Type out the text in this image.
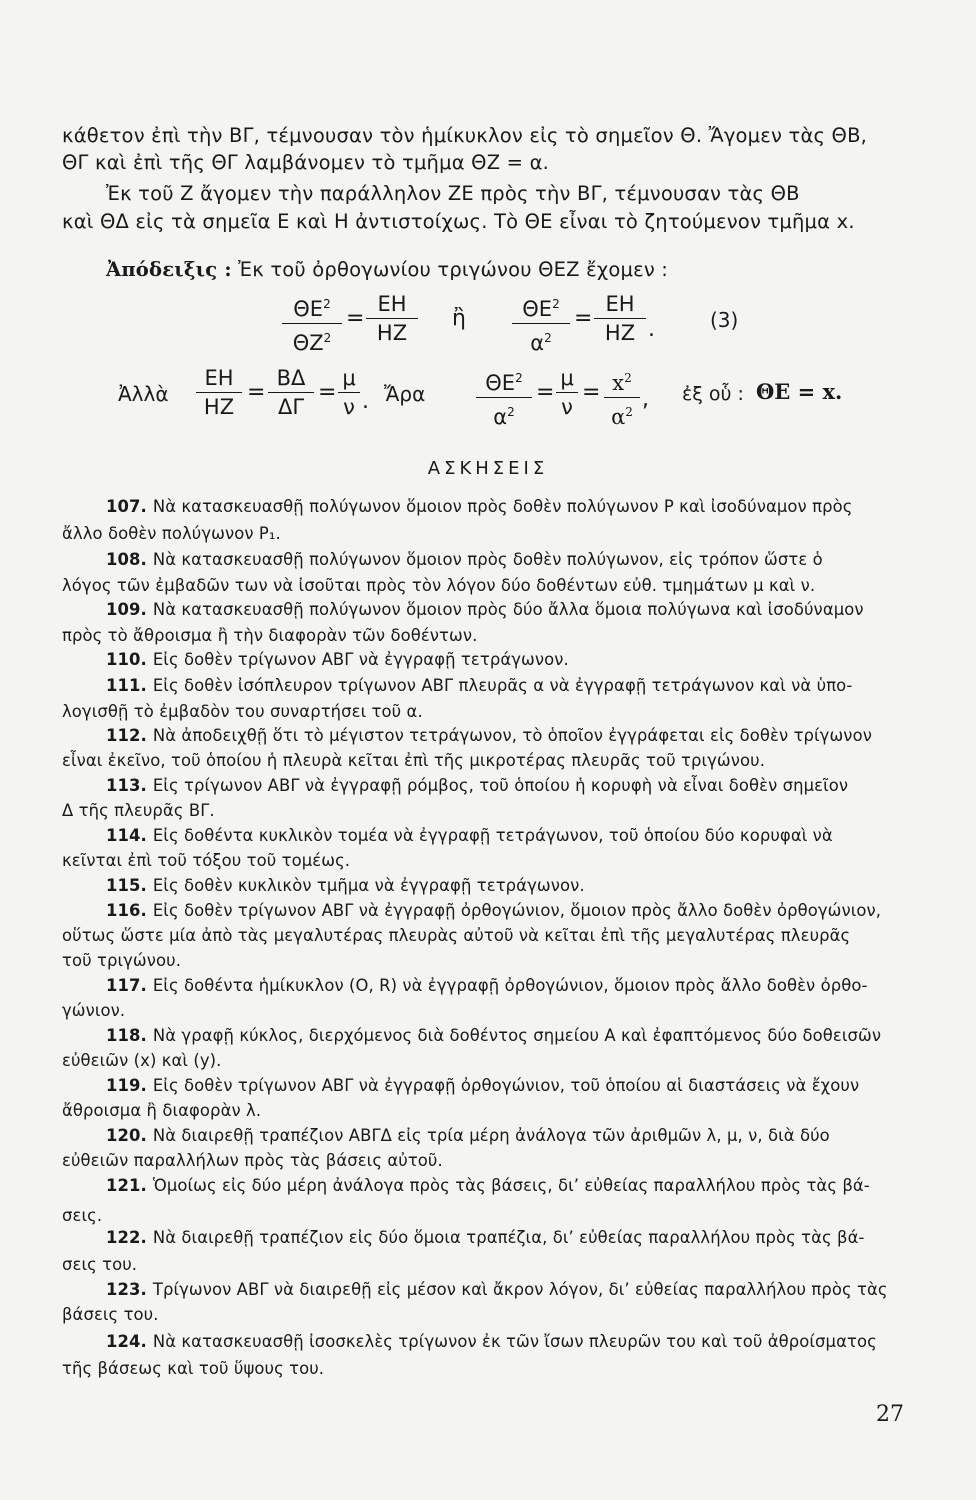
κάθετον ἐπὶ τὴν ΒΓ, τέμνουσαν τὸν ἡμίκυκλον εἰς τὸ σημεῖον Θ. Ἄγομεν τὰς ΘΒ,
ΘΓ καὶ ἐπὶ τῆς ΘΓ λαμβάνομεν τὸ τμῆμα ΘΖ = α.
Ἐκ τοῦ Ζ ἄγομεν τὴν παράλληλον ΖΕ πρὸς τὴν ΒΓ, τέμνουσαν τὰς ΘΒ
καὶ ΘΔ εἰς τὰ σημεῖα Ε καὶ Η ἀντιστοίχως. Τὸ ΘΕ εἶναι τὸ ζητούμενον τμῆμα x.
Ἀπόδειξις : Ἐκ τοῦ ὀρθογωνίου τριγώνου ΘΕΖ ἔχομεν :
$\frac{\Theta E^2}{\Theta Z^2} = \frac{EH}{HZ}$ ἢ $\frac{\Theta E^2}{\alpha^2} = \frac{EH}{HZ}$ .	(3)
Ἀλλὰ $\frac{EH}{HZ} = \frac{B\Delta}{\Delta\Gamma} = \frac{\mu}{\nu}$ . Ἄρα $\frac{\Theta E^2}{\alpha^2} = \frac{\mu}{\nu} = \frac{x^2}{\alpha^2}$ , ἐξ οὗ : ΘΕ = x.
ΑΣΚΗΣΕΙΣ
107. Νὰ κατασκευασθῇ πολύγωνον ὅμοιον πρὸς δοθὲν πολύγωνον Ρ καὶ ἰσοδύναμον πρὸς
ἄλλο δοθὲν πολύγωνον Ρ₁.
108. Νὰ κατασκευασθῇ πολύγωνον ὅμοιον πρὸς δοθὲν πολύγωνον, εἰς τρόπον ὥστε ὁ
λόγος τῶν ἐμβαδῶν των νὰ ἰσοῦται πρὸς τὸν λόγον δύο δοθέντων εὐθ. τμημάτων μ καὶ ν.
109. Νὰ κατασκευασθῇ πολύγωνον ὅμοιον πρὸς δύο ἄλλα ὅμοια πολύγωνα καὶ ἰσοδύναμον
πρὸς τὸ ἄθροισμα ἢ τὴν διαφορὰν τῶν δοθέντων.
110. Εἰς δοθὲν τρίγωνον ΑΒΓ νὰ ἐγγραφῇ τετράγωνον.
111. Εἰς δοθὲν ἰσόπλευρον τρίγωνον ΑΒΓ πλευρᾶς α νὰ ἐγγραφῇ τετράγωνον καὶ νὰ ὑπο-
λογισθῇ τὸ ἐμβαδὸν του συναρτήσει τοῦ α.
112. Νὰ ἀποδειχθῇ ὅτι τὸ μέγιστον τετράγωνον, τὸ ὁποῖον ἐγγράφεται εἰς δοθὲν τρίγωνον
εἶναι ἐκεῖνο, τοῦ ὁποίου ἡ πλευρὰ κεῖται ἐπὶ τῆς μικροτέρας πλευρᾶς τοῦ τριγώνου.
113. Εἰς τρίγωνον ΑΒΓ νὰ ἐγγραφῇ ρόμβος, τοῦ ὁποίου ἡ κορυφὴ νὰ εἶναι δοθὲν σημεῖον
Δ τῆς πλευρᾶς ΒΓ.
114. Εἰς δοθέντα κυκλικὸν τομέα νὰ ἐγγραφῇ τετράγωνον, τοῦ ὁποίου δύο κορυφαὶ νὰ
κεῖνται ἐπὶ τοῦ τόξου τοῦ τομέως.
115. Εἰς δοθὲν κυκλικὸν τμῆμα νὰ ἐγγραφῇ τετράγωνον.
116. Εἰς δοθὲν τρίγωνον ΑΒΓ νὰ ἐγγραφῇ ὀρθογώνιον, ὅμοιον πρὸς ἄλλο δοθὲν ὀρθογώνιον,
οὕτως ὥστε μία ἀπὸ τὰς μεγαλυτέρας πλευρὰς αὐτοῦ νὰ κεῖται ἐπὶ τῆς μεγαλυτέρας πλευρᾶς
τοῦ τριγώνου.
117. Εἰς δοθέντα ἡμίκυκλον (Ο, R) νὰ ἐγγραφῇ ὀρθογώνιον, ὅμοιον πρὸς ἄλλο δοθὲν ὀρθο-
γώνιον.
118. Νὰ γραφῇ κύκλος, διερχόμενος διὰ δοθέντος σημείου Α καὶ ἐφαπτόμενος δύο δοθεισῶν
εὐθειῶν (x) καὶ (y).
119. Εἰς δοθὲν τρίγωνον ΑΒΓ νὰ ἐγγραφῇ ὀρθογώνιον, τοῦ ὁποίου αἱ διαστάσεις νὰ ἔχουν
ἄθροισμα ἢ διαφορὰν λ.
120. Νὰ διαιρεθῇ τραπέζιον ΑΒΓΔ εἰς τρία μέρη ἀνάλογα τῶν ἀριθμῶν λ, μ, ν, διὰ δύο
εὐθειῶν παραλλήλων πρὸς τὰς βάσεις αὐτοῦ.
121. Ὁμοίως εἰς δύο μέρη ἀνάλογα πρὸς τὰς βάσεις, δι’ εὐθείας παραλλήλου πρὸς τὰς βά-
σεις.
122. Νὰ διαιρεθῇ τραπέζιον εἰς δύο ὅμοια τραπέζια, δι’ εὐθείας παραλλήλου πρὸς τὰς βά-
σεις του.
123. Τρίγωνον ΑΒΓ νὰ διαιρεθῇ εἰς μέσον καὶ ἄκρον λόγον, δι’ εὐθείας παραλλήλου πρὸς τὰς
βάσεις του.
124. Νὰ κατασκευασθῇ ἰσοσκελὲς τρίγωνον ἐκ τῶν ἴσων πλευρῶν του καὶ τοῦ ἀθροίσματος
τῆς βάσεως καὶ τοῦ ὕψους του.
27
